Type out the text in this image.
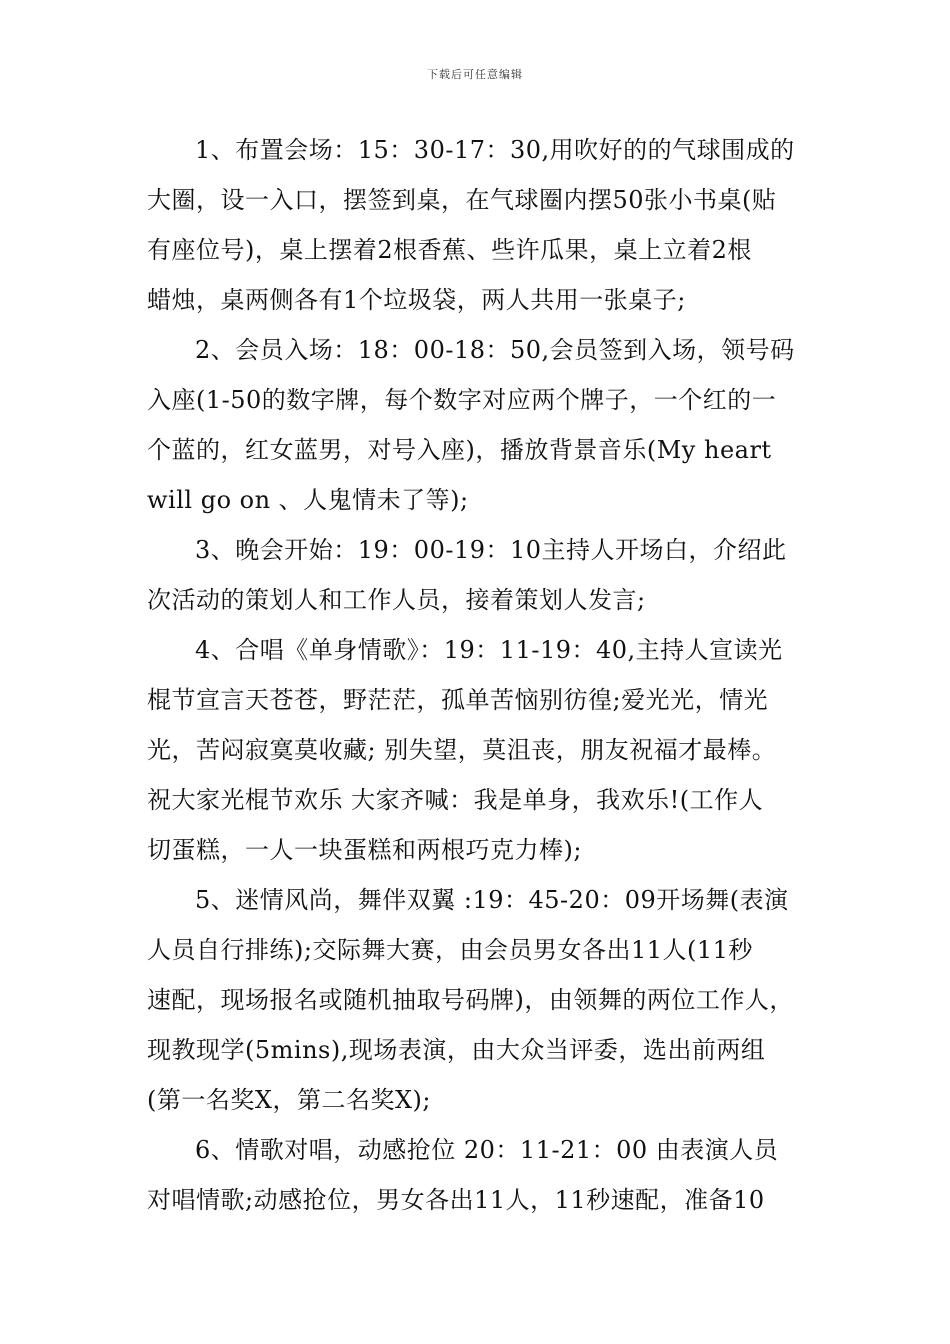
下载后可任意编辑
1、布置会场：15：30-17：30,用吹好的的气球围成的
大圈，设一入口，摆签到桌，在气球圈内摆50张小书桌(贴
有座位号)，桌上摆着2根香蕉、些许瓜果，桌上立着2根
蜡烛，桌两侧各有1个垃圾袋，两人共用一张桌子;
2、会员入场：18：00-18：50,会员签到入场，领号码
入座(1-50的数字牌，每个数字对应两个牌子，一个红的一
个蓝的，红女蓝男，对号入座)，播放背景音乐(My heart
will go on 、人鬼情未了等);
3、晚会开始：19：00-19：10主持人开场白，介绍此
次活动的策划人和工作人员，接着策划人发言;
4、合唱《单身情歌》：19：11-19：40,主持人宣读光
棍节宣言天苍苍，野茫茫，孤单苦恼别彷徨;爱光光，情光
光，苦闷寂寞莫收藏; 别失望，莫沮丧，朋友祝福才最棒。
祝大家光棍节欢乐 大家齐喊：我是单身，我欢乐!(工作人
切蛋糕，一人一块蛋糕和两根巧克力棒);
5、迷情风尚，舞伴双翼 :19：45-20：09开场舞(表演
人员自行排练);交际舞大赛，由会员男女各出11人(11秒
速配，现场报名或随机抽取号码牌)，由领舞的两位工作人，
现教现学(5mins),现场表演，由大众当评委，选出前两组
(第一名奖X，第二名奖X);
6、情歌对唱，动感抢位 20：11-21：00 由表演人员
对唱情歌;动感抢位，男女各出11人，11秒速配，准备10
